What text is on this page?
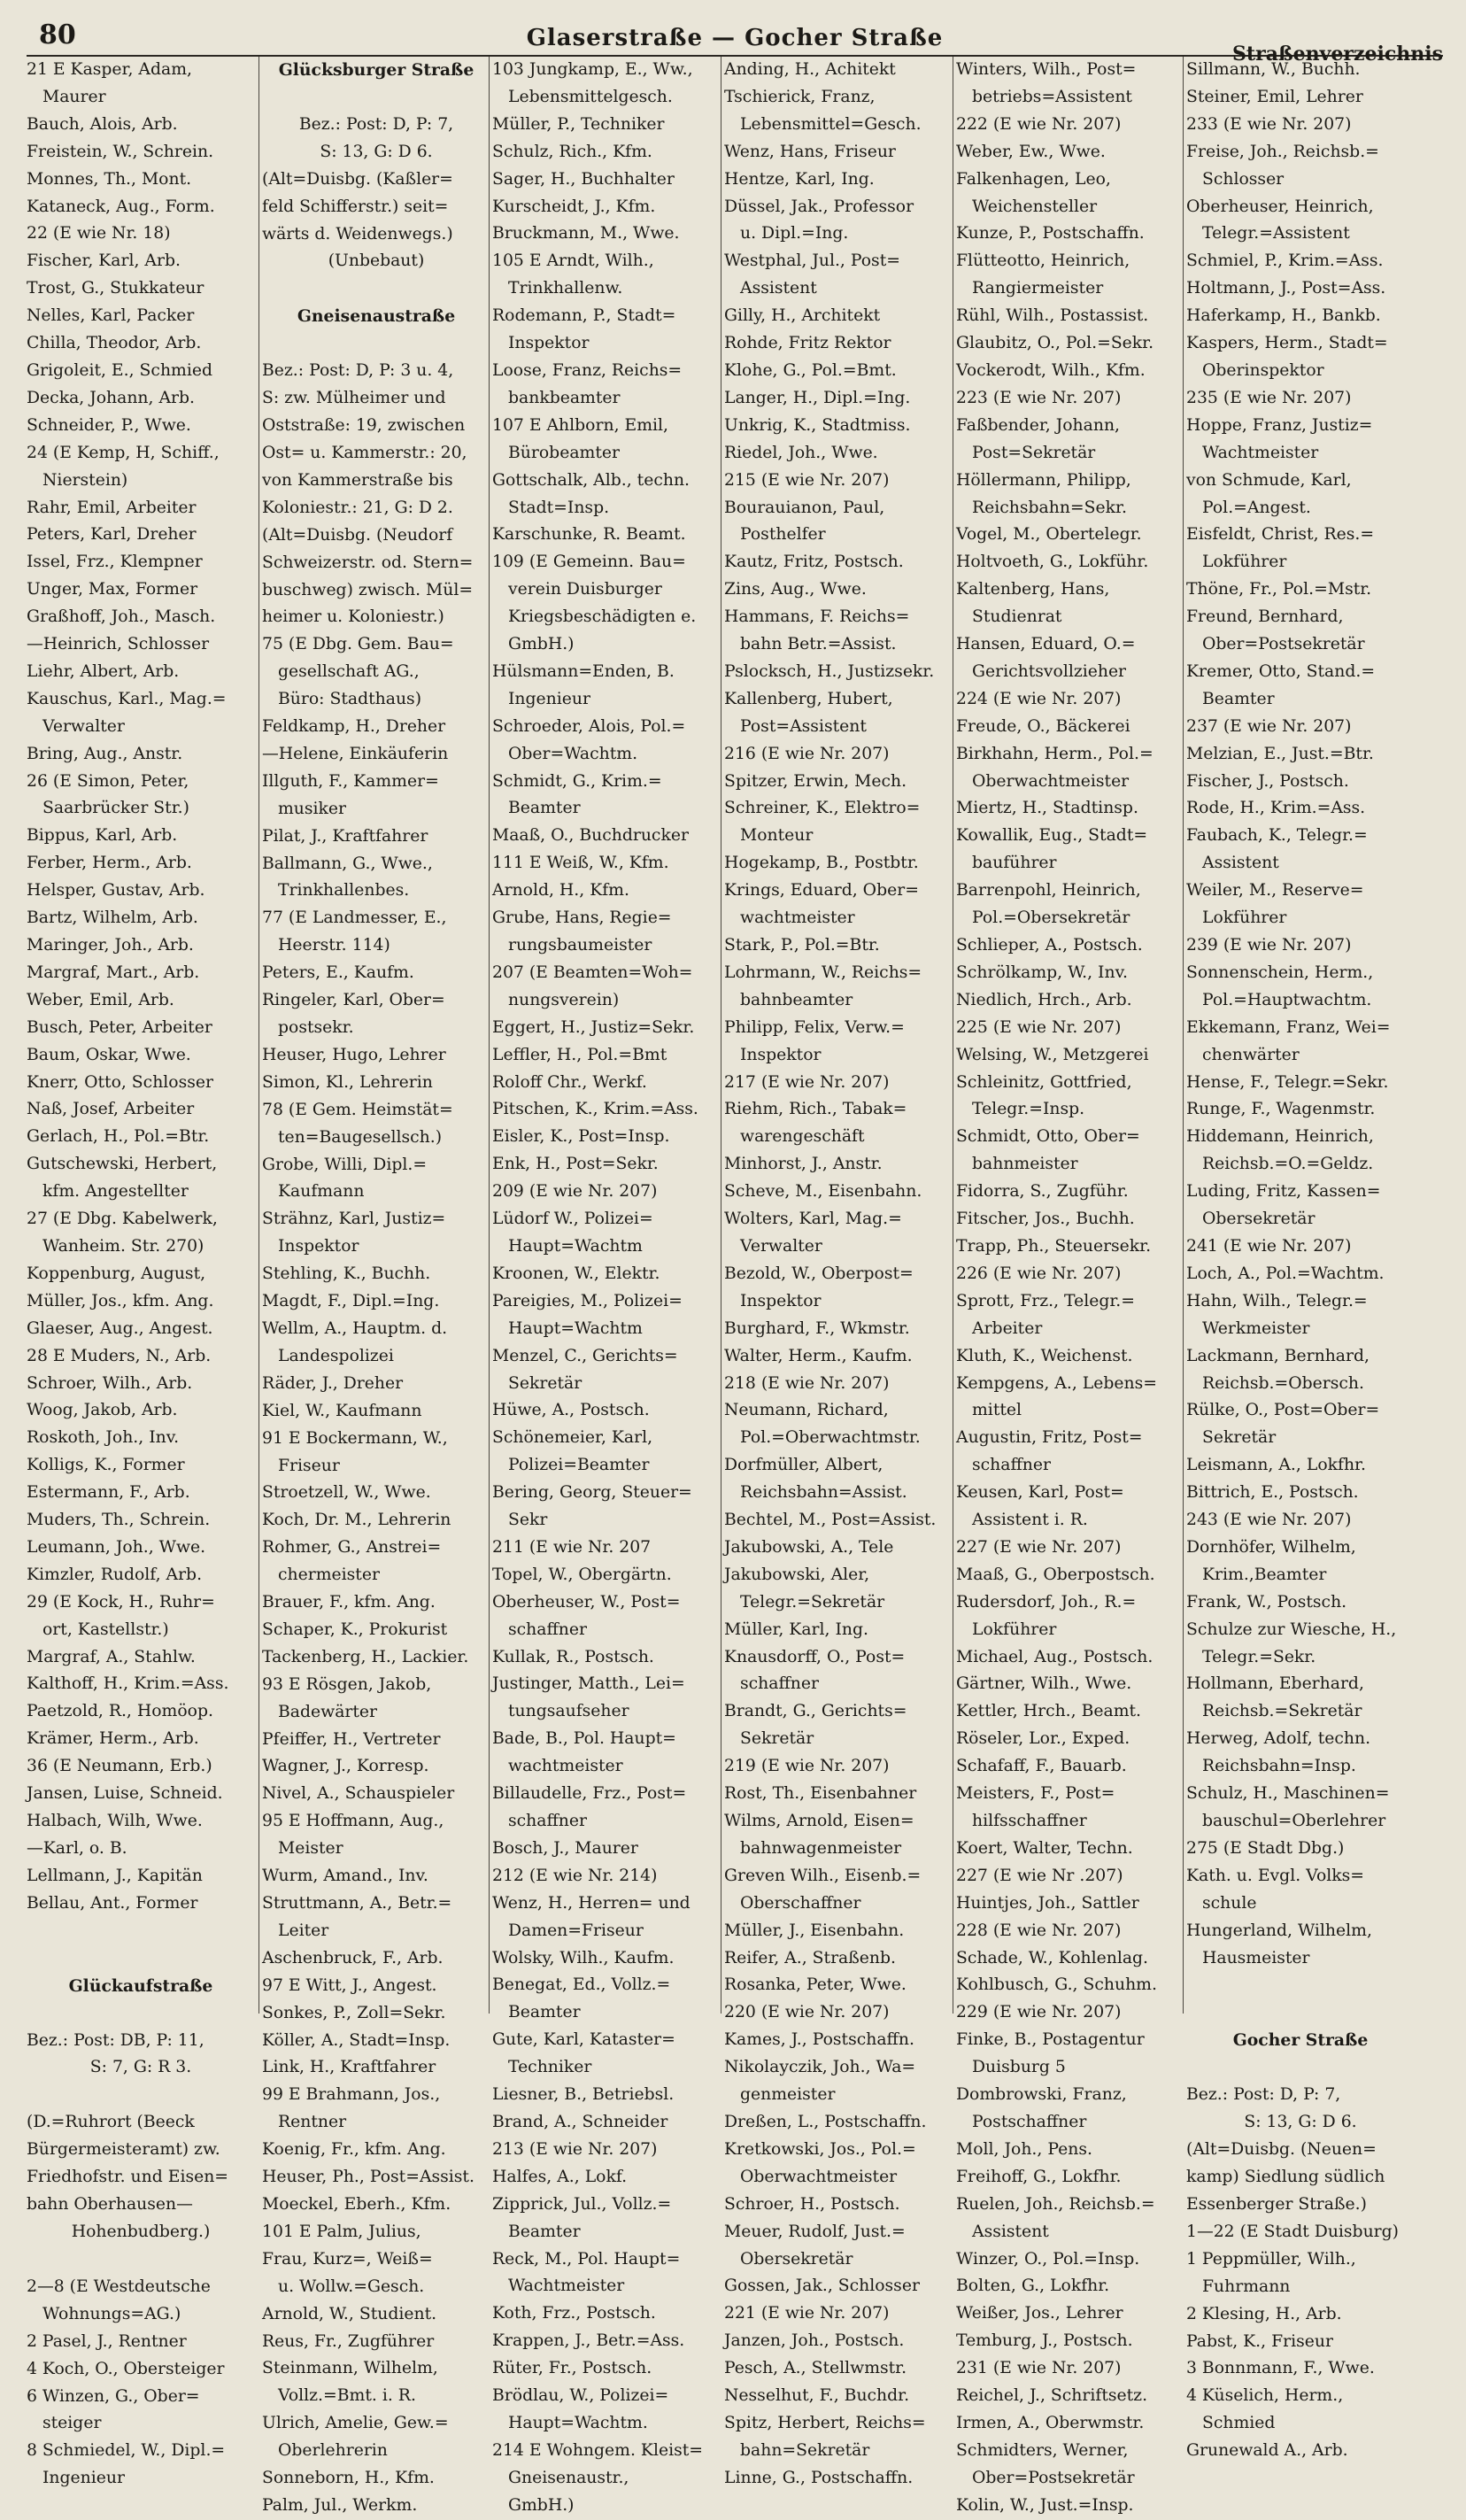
80	Glaserstraße — Gocher Straße
Straßenverzeichnis
21 E Kasper, Adam,
Maurer
Bauch, Alois, Arb.
Freistein, W., Schrein.
Monnes, Th., Mont.
Kataneck, Aug., Form.
22 (E wie Nr. 18)
Fischer, Karl, Arb.
Trost, G., Stukkateur
Nelles, Karl, Packer
Chilla, Theodor, Arb.
Grigoleit, E., Schmied
Decka, Johann, Arb.
Schneider, P., Wwe.
24 (E Kemp, H, Schiff.,
Nierstein)
Rahr, Emil, Arbeiter
Peters, Karl, Dreher
Issel, Frz., Klempner
Unger, Max, Former
Graßhoff, Joh., Masch.
—Heinrich, Schlosser
Liehr, Albert, Arb.
Kauschus, Karl., Mag.=
Verwalter
Bring, Aug., Anstr.
26 (E Simon, Peter,
Saarbrücker Str.)
Bippus, Karl, Arb.
Ferber, Herm., Arb.
Helsper, Gustav, Arb.
Bartz, Wilhelm, Arb.
Maringer, Joh., Arb.
Margraf, Mart., Arb.
Weber, Emil, Arb.
Busch, Peter, Arbeiter
Baum, Oskar, Wwe.
Knerr, Otto, Schlosser
Naß, Josef, Arbeiter
Gerlach, H., Pol.=Btr.
Gutschewski, Herbert,
kfm. Angestellter
27 (E Dbg. Kabelwerk,
Wanheim. Str. 270)
Koppenburg, August,
Müller, Jos., kfm. Ang.
Glaeser, Aug., Angest.
28 E Muders, N., Arb.
Schroer, Wilh., Arb.
Woog, Jakob, Arb.
Roskoth, Joh., Inv.
Kolligs, K., Former
Estermann, F., Arb.
Muders, Th., Schrein.
Leumann, Joh., Wwe.
Kimzler, Rudolf, Arb.
29 (E Kock, H., Ruhr=
ort, Kastellstr.)
Margraf, A., Stahlw.
Kalthoff, H., Krim.=Ass.
Paetzold, R., Homöop.
Krämer, Herm., Arb.
36 (E Neumann, Erb.)
Jansen, Luise, Schneid.
Halbach, Wilh, Wwe.
—Karl, o. B.
Lellmann, J., Kapitän
Bellau, Ant., Former
Glückaufstraße
Bez.: Post: DB, P: 11,
S: 7, G: R 3.
(D.=Ruhrort (Beeck
Bürgermeisteramt) zw.
Friedhofstr. und Eisen=
bahn Oberhausen—
Hohenbudberg.)
2—8 (E Westdeutsche
Wohnungs=AG.)
2 Pasel, J., Rentner
4 Koch, O., Obersteiger
6 Winzen, G., Ober=
steiger
8 Schmiedel, W., Dipl.=
Ingenieur
Glücksburger Straße
Bez.: Post: D, P: 7,
S: 13, G: D 6.
(Alt=Duisbg. (Kaßler=
feld Schifferstr.) seit=
wärts d. Weidenwegs.)
(Unbebaut)
Gneisenaustraße
Bez.: Post: D, P: 3 u. 4,
S: zw. Mülheimer und
Oststraße: 19, zwischen
Ost= u. Kammerstr.: 20,
von Kammerstraße bis
Koloniestr.: 21, G: D 2.
(Alt=Duisbg. (Neudorf
Schweizerstr. od. Stern=
buschweg) zwisch. Mül=
heimer u. Koloniestr.)
75 (E Dbg. Gem. Bau=
gesellschaft AG.,
Büro: Stadthaus)
Feldkamp, H., Dreher
—Helene, Einkäuferin
Illguth, F., Kammer=
musiker
Pilat, J., Kraftfahrer
Ballmann, G., Wwe.,
Trinkhallenbes.
77 (E Landmesser, E.,
Heerstr. 114)
Peters, E., Kaufm.
Ringeler, Karl, Ober=
postsekr.
Heuser, Hugo, Lehrer
Simon, Kl., Lehrerin
78 (E Gem. Heimstät=
ten=Baugesellsch.)
Grobe, Willi, Dipl.=
Kaufmann
Strähnz, Karl, Justiz=
Inspektor
Stehling, K., Buchh.
Magdt, F., Dipl.=Ing.
Wellm, A., Hauptm. d.
Landespolizei
Räder, J., Dreher
Kiel, W., Kaufmann
91 E Bockermann, W.,
Friseur
Stroetzell, W., Wwe.
Koch, Dr. M., Lehrerin
Rohmer, G., Anstrei=
chermeister
Brauer, F., kfm. Ang.
Schaper, K., Prokurist
Tackenberg, H., Lackier.
93 E Rösgen, Jakob,
Badewärter
Pfeiffer, H., Vertreter
Wagner, J., Korresp.
Nivel, A., Schauspieler
95 E Hoffmann, Aug.,
Meister
Wurm, Amand., Inv.
Struttmann, A., Betr.=
Leiter
Aschenbruck, F., Arb.
97 E Witt, J., Angest.
Sonkes, P., Zoll=Sekr.
Köller, A., Stadt=Insp.
Link, H., Kraftfahrer
99 E Brahmann, Jos.,
Rentner
Koenig, Fr., kfm. Ang.
Heuser, Ph., Post=Assist.
Moeckel, Eberh., Kfm.
101 E Palm, Julius,
Frau, Kurz=, Weiß=
u. Wollw.=Gesch.
Arnold, W., Studient.
Reus, Fr., Zugführer
Steinmann, Wilhelm,
Vollz.=Bmt. i. R.
Ulrich, Amelie, Gew.=
Oberlehrerin
Sonneborn, H., Kfm.
Palm, Jul., Werkm.
103 Jungkamp, E., Ww.,
Lebensmittelgesch.
Müller, P., Techniker
Schulz, Rich., Kfm.
Sager, H., Buchhalter
Kurscheidt, J., Kfm.
Bruckmann, M., Wwe.
105 E Arndt, Wilh.,
Trinkhallenw.
Rodemann, P., Stadt=
Inspektor
Loose, Franz, Reichs=
bankbeamter
107 E Ahlborn, Emil,
Bürobeamter
Gottschalk, Alb., techn.
Stadt=Insp.
Karschunke, R. Beamt.
109 (E Gemeinn. Bau=
verein Duisburger
Kriegsbeschädigten e.
GmbH.)
Hülsmann=Enden, B.
Ingenieur
Schroeder, Alois, Pol.=
Ober=Wachtm.
Schmidt, G., Krim.=
Beamter
Maaß, O., Buchdrucker
111 E Weiß, W., Kfm.
Arnold, H., Kfm.
Grube, Hans, Regie=
rungsbaumeister
207 (E Beamten=Woh=
nungsverein)
Eggert, H., Justiz=Sekr.
Leffler, H., Pol.=Bmt
Roloff Chr., Werkf.
Pitschen, K., Krim.=Ass.
Eisler, K., Post=Insp.
Enk, H., Post=Sekr.
209 (E wie Nr. 207)
Lüdorf W., Polizei=
Haupt=Wachtm
Kroonen, W., Elektr.
Pareigies, M., Polizei=
Haupt=Wachtm
Menzel, C., Gerichts=
Sekretär
Hüwe, A., Postsch.
Schönemeier, Karl,
Polizei=Beamter
Bering, Georg, Steuer=
Sekr
211 (E wie Nr. 207
Topel, W., Obergärtn.
Oberheuser, W., Post=
schaffner
Kullak, R., Postsch.
Justinger, Matth., Lei=
tungsaufseher
Bade, B., Pol. Haupt=
wachtmeister
Billaudelle, Frz., Post=
schaffner
Bosch, J., Maurer
212 (E wie Nr. 214)
Wenz, H., Herren= und
Damen=Friseur
Wolsky, Wilh., Kaufm.
Benegat, Ed., Vollz.=
Beamter
Gute, Karl, Kataster=
Techniker
Liesner, B., Betriebsl.
Brand, A., Schneider
213 (E wie Nr. 207)
Halfes, A., Lokf.
Zipprick, Jul., Vollz.=
Beamter
Reck, M., Pol. Haupt=
Wachtmeister
Koth, Frz., Postsch.
Krappen, J., Betr.=Ass.
Rüter, Fr., Postsch.
Brödlau, W., Polizei=
Haupt=Wachtm.
214 E Wohngem. Kleist=
Gneisenaustr.,
GmbH.)
Anding, H., Achitekt
Tschierick, Franz,
Lebensmittel=Gesch.
Wenz, Hans, Friseur
Hentze, Karl, Ing.
Düssel, Jak., Professor
u. Dipl.=Ing.
Westphal, Jul., Post=
Assistent
Gilly, H., Architekt
Rohde, Fritz Rektor
Klohe, G., Pol.=Bmt.
Langer, H., Dipl.=Ing.
Unkrig, K., Stadtmiss.
Riedel, Joh., Wwe.
215 (E wie Nr. 207)
Bourauianon, Paul,
Posthelfer
Kautz, Fritz, Postsch.
Zins, Aug., Wwe.
Hammans, F. Reichs=
bahn Betr.=Assist.
Pslocksch, H., Justizsekr.
Kallenberg, Hubert,
Post=Assistent
216 (E wie Nr. 207)
Spitzer, Erwin, Mech.
Schreiner, K., Elektro=
Monteur
Hogekamp, B., Postbtr.
Krings, Eduard, Ober=
wachtmeister
Stark, P., Pol.=Btr.
Lohrmann, W., Reichs=
bahnbeamter
Philipp, Felix, Verw.=
Inspektor
217 (E wie Nr. 207)
Riehm, Rich., Tabak=
warengeschäft
Minhorst, J., Anstr.
Scheve, M., Eisenbahn.
Wolters, Karl, Mag.=
Verwalter
Bezold, W., Oberpost=
Inspektor
Burghard, F., Wkmstr.
Walter, Herm., Kaufm.
218 (E wie Nr. 207)
Neumann, Richard,
Pol.=Oberwachtmstr.
Dorfmüller, Albert,
Reichsbahn=Assist.
Bechtel, M., Post=Assist.
Jakubowski, A., Tele
Jakubowski, Aler,
Telegr.=Sekretär
Müller, Karl, Ing.
Knausdorff, O., Post=
schaffner
Brandt, G., Gerichts=
Sekretär
219 (E wie Nr. 207)
Rost, Th., Eisenbahner
Wilms, Arnold, Eisen=
bahnwagenmeister
Greven Wilh., Eisenb.=
Oberschaffner
Müller, J., Eisenbahn.
Reifer, A., Straßenb.
Rosanka, Peter, Wwe.
220 (E wie Nr. 207)
Kames, J., Postschaffn.
Nikolayczik, Joh., Wa=
genmeister
Dreßen, L., Postschaffn.
Kretkowski, Jos., Pol.=
Oberwachtmeister
Schroer, H., Postsch.
Meuer, Rudolf, Just.=
Obersekretär
Gossen, Jak., Schlosser
221 (E wie Nr. 207)
Janzen, Joh., Postsch.
Pesch, A., Stellwmstr.
Nesselhut, F., Buchdr.
Spitz, Herbert, Reichs=
bahn=Sekretär
Linne, G., Postschaffn.
Winters, Wilh., Post=
betriebs=Assistent
222 (E wie Nr. 207)
Weber, Ew., Wwe.
Falkenhagen, Leo,
Weichensteller
Kunze, P., Postschaffn.
Flütteotto, Heinrich,
Rangiermeister
Rühl, Wilh., Postassist.
Glaubitz, O., Pol.=Sekr.
Vockerodt, Wilh., Kfm.
223 (E wie Nr. 207)
Faßbender, Johann,
Post=Sekretär
Höllermann, Philipp,
Reichsbahn=Sekr.
Vogel, M., Obertelegr.
Holtvoeth, G., Lokführ.
Kaltenberg, Hans,
Studienrat
Hansen, Eduard, O.=
Gerichtsvollzieher
224 (E wie Nr. 207)
Freude, O., Bäckerei
Birkhahn, Herm., Pol.=
Oberwachtmeister
Miertz, H., Stadtinsp.
Kowallik, Eug., Stadt=
bauführer
Barrenpohl, Heinrich,
Pol.=Obersekretär
Schlieper, A., Postsch.
Schrölkamp, W., Inv.
Niedlich, Hrch., Arb.
225 (E wie Nr. 207)
Welsing, W., Metzgerei
Schleinitz, Gottfried,
Telegr.=Insp.
Schmidt, Otto, Ober=
bahnmeister
Fidorra, S., Zugführ.
Fitscher, Jos., Buchh.
Trapp, Ph., Steuersekr.
226 (E wie Nr. 207)
Sprott, Frz., Telegr.=
Arbeiter
Kluth, K., Weichenst.
Kempgens, A., Lebens=
mittel
Augustin, Fritz, Post=
schaffner
Keusen, Karl, Post=
Assistent i. R.
227 (E wie Nr. 207)
Maaß, G., Oberpostsch.
Rudersdorf, Joh., R.=
Lokführer
Michael, Aug., Postsch.
Gärtner, Wilh., Wwe.
Kettler, Hrch., Beamt.
Röseler, Lor., Exped.
Schafaff, F., Bauarb.
Meisters, F., Post=
hilfsschaffner
Koert, Walter, Techn.
227 (E wie Nr .207)
Huintjes, Joh., Sattler
228 (E wie Nr. 207)
Schade, W., Kohlenlag.
Kohlbusch, G., Schuhm.
229 (E wie Nr. 207)
Finke, B., Postagentur
Duisburg 5
Dombrowski, Franz,
Postschaffner
Moll, Joh., Pens.
Freihoff, G., Lokfhr.
Ruelen, Joh., Reichsb.=
Assistent
Winzer, O., Pol.=Insp.
Bolten, G., Lokfhr.
Weißer, Jos., Lehrer
Temburg, J., Postsch.
231 (E wie Nr. 207)
Reichel, J., Schriftsetz.
Irmen, A., Oberwmstr.
Schmidters, Werner,
Ober=Postsekretär
Kolin, W., Just.=Insp.
Sillmann, W., Buchh.
Steiner, Emil, Lehrer
233 (E wie Nr. 207)
Freise, Joh., Reichsb.=
Schlosser
Oberheuser, Heinrich,
Telegr.=Assistent
Schmiel, P., Krim.=Ass.
Holtmann, J., Post=Ass.
Haferkamp, H., Bankb.
Kaspers, Herm., Stadt=
Oberinspektor
235 (E wie Nr. 207)
Hoppe, Franz, Justiz=
Wachtmeister
von Schmude, Karl,
Pol.=Angest.
Eisfeldt, Christ, Res.=
Lokführer
Thöne, Fr., Pol.=Mstr.
Freund, Bernhard,
Ober=Postsekretär
Kremer, Otto, Stand.=
Beamter
237 (E wie Nr. 207)
Melzian, E., Just.=Btr.
Fischer, J., Postsch.
Rode, H., Krim.=Ass.
Faubach, K., Telegr.=
Assistent
Weiler, M., Reserve=
Lokführer
239 (E wie Nr. 207)
Sonnenschein, Herm.,
Pol.=Hauptwachtm.
Ekkemann, Franz, Wei=
chenwärter
Hense, F., Telegr.=Sekr.
Runge, F., Wagenmstr.
Hiddemann, Heinrich,
Reichsb.=O.=Geldz.
Luding, Fritz, Kassen=
Obersekretär
241 (E wie Nr. 207)
Loch, A., Pol.=Wachtm.
Hahn, Wilh., Telegr.=
Werkmeister
Lackmann, Bernhard,
Reichsb.=Obersch.
Rülke, O., Post=Ober=
Sekretär
Leismann, A., Lokfhr.
Bittrich, E., Postsch.
243 (E wie Nr. 207)
Dornhöfer, Wilhelm,
Krim.,Beamter
Frank, W., Postsch.
Schulze zur Wiesche, H.,
Telegr.=Sekr.
Hollmann, Eberhard,
Reichsb.=Sekretär
Herweg, Adolf, techn.
Reichsbahn=Insp.
Schulz, H., Maschinen=
bauschul=Oberlehrer
275 (E Stadt Dbg.)
Kath. u. Evgl. Volks=
schule
Hungerland, Wilhelm,
Hausmeister
Gocher Straße
Bez.: Post: D, P: 7,
S: 13, G: D 6.
(Alt=Duisbg. (Neuen=
kamp) Siedlung südlich
Essenberger Straße.)
1—22 (E Stadt Duisburg)
1 Peppmüller, Wilh.,
Fuhrmann
2 Klesing, H., Arb.
Pabst, K., Friseur
3 Bonnmann, F., Wwe.
4 Küselich, Herm.,
Schmied
Grunewald A., Arb.
